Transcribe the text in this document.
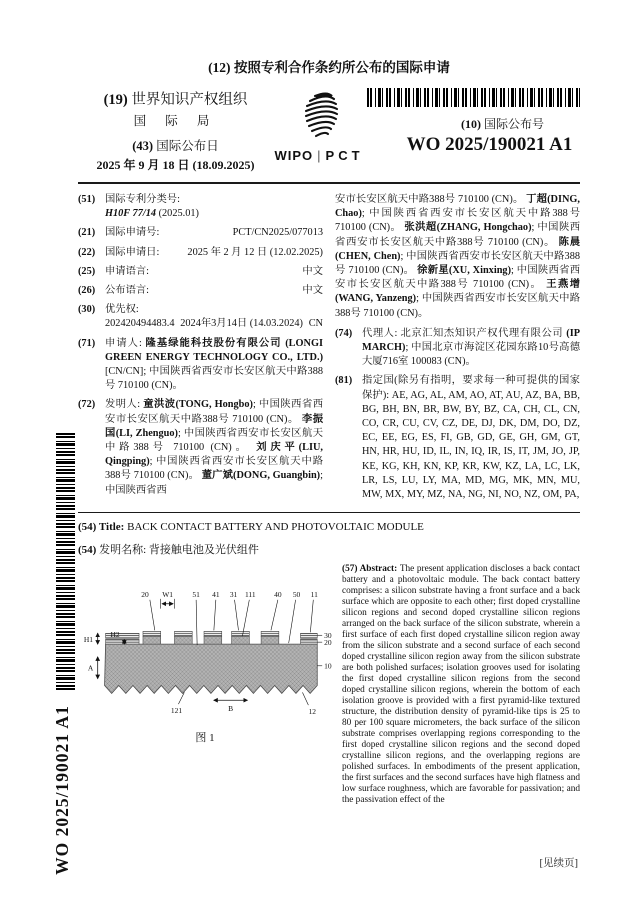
WO 2025/190021 A1
(12) 按照专利合作条约所公布的国际申请
(19) 世界知识产权组织
国 际 局
(43) 国际公布日
2025 年 9 月 18 日 (18.09.2025)
WIPO | PCT
(10) 国际公布号
WO 2025/190021 A1
(51) 国际专利分类号:
H10F 77/14 (2025.01)
(21) 国际申请号:	PCT/CN2025/077013
(22) 国际申请日:	2025 年 2 月 12 日 (12.02.2025)
(25) 申请语言:	中文
(26) 公布语言:	中文
(30) 优先权:
202420494483.4 2024年3月14日 (14.03.2024) CN
(71) 申请人: 隆基绿能科技股份有限公司 (LONGI GREEN ENERGY TECHNOLOGY CO., LTD.) [CN/CN]; 中国陕西省西安市长安区航天中路388号 710100 (CN)。

(72) 发明人: 童洪波(TONG, Hongbo); 中国陕西省西安市长安区航天中路388号 710100 (CN)。 李振国(LI, Zhenguo); 中国陕西省西安市长安区航天中路388号 710100 (CN)。 刘庆平(LIU, Qingping); 中国陕西省西安市长安区航天中路388号 710100 (CN)。 董广斌(DONG, Guangbin); 中国陕西省西

安市长安区航天中路388号 710100 (CN)。 丁超(DING, Chao); 中国陕西省西安市长安区航天中路388号 710100 (CN)。 张洪超(ZHANG, Hongchao); 中国陕西省西安市长安区航天中路388号 710100 (CN)。 陈晨(CHEN, Chen); 中国陕西省西安市长安区航天中路388号 710100 (CN)。 徐新星(XU, Xinxing); 中国陕西省西安市长安区航天中路388号 710100 (CN)。 王燕增(WANG, Yanzeng); 中国陕西省西安市长安区航天中路388号 710100 (CN)。

(74) 代理人: 北京汇知杰知识产权代理有限公司 (IP MARCH); 中国北京市海淀区花园东路10号高德大厦716室 100083 (CN)。

(81) 指定国(除另有指明，要求每一种可提供的国家保护): AE, AG, AL, AM, AO, AT, AU, AZ, BA, BB, BG, BH, BN, BR, BW, BY, BZ, CA, CH, CL, CN, CO, CR, CU, CV, CZ, DE, DJ, DK, DM, DO, DZ, EC, EE, EG, ES, FI, GB, GD, GE, GH, GM, GT, HN, HR, HU, ID, IL, IN, IQ, IR, IS, IT, JM, JO, JP, KE, KG, KH, KN, KP, KR, KW, KZ, LA, LC, LK, LR, LS, LU, LY, MA, MD, MG, MK, MN, MU, MW, MX, MY, MZ, NA, NG, NI, NO, NZ, OM, PA,

(54) Title: BACK CONTACT BATTERY AND PHOTOVOLTAIC MODULE
(54) 发明名称: 背接触电池及光伏组件
20 W1	51 41 31 111 40 50 11
H1
H2
A
30
20
10
121	B	12
图 1
(57) Abstract: The present application discloses a back contact battery and a photovoltaic module. The back contact battery comprises: a silicon substrate having a front surface and a back surface which are opposite to each other; first doped crystalline silicon regions and second doped crystalline silicon regions arranged on the back surface of the silicon substrate, wherein a first surface of each first doped crystalline silicon region away from the silicon substrate and a second surface of each second doped crystalline silicon region away from the silicon substrate are both polished surfaces; isolation grooves used for isolating the first doped crystalline silicon regions from the second doped crystalline silicon regions, wherein the bottom of each isolation groove is provided with a first pyramid-like textured structure, the distribution density of pyramid-like tips is 25 to 80 per 100 square micrometers, the back surface of the silicon substrate comprises overlapping regions corresponding to the first doped crystalline silicon regions and the second doped crystalline silicon regions, and the overlapping regions are polished surfaces. In embodiments of the present application, the first surfaces and the second surfaces have high flatness and low surface roughness, which are favorable for passivation; and the passivation effect of the
[见续页]
